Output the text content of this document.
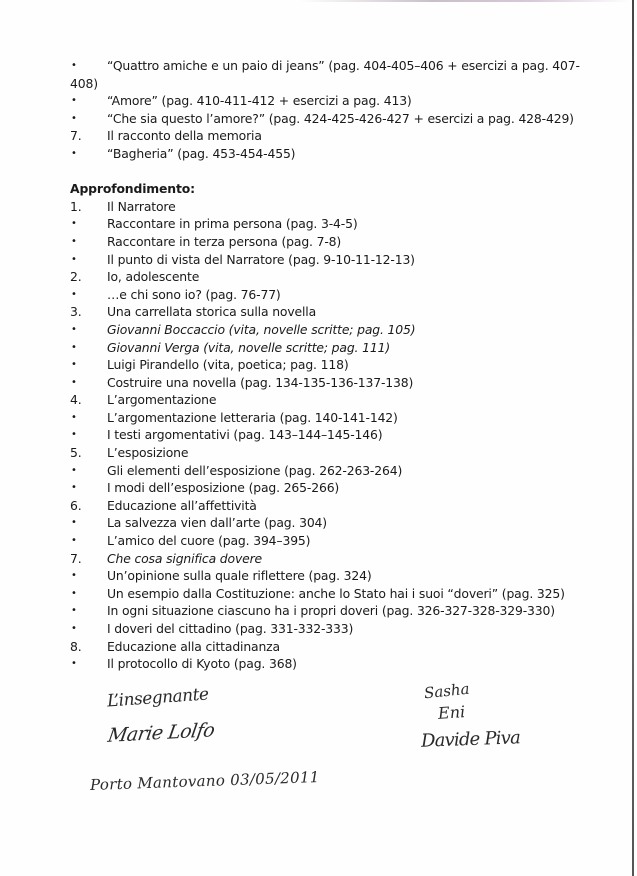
•	“Quattro amiche e un paio di jeans” (pag. 404-405–406 + esercizi a pag. 407-
408)
•	“Amore” (pag. 410-411-412 + esercizi a pag. 413)
•	“Che sia questo l’amore?” (pag. 424-425-426-427 + esercizi a pag. 428-429)
7.	Il racconto della memoria
•	“Bagheria” (pag. 453-454-455)
Approfondimento:
1.	Il Narratore
•	Raccontare in prima persona (pag. 3-4-5)
•	Raccontare in terza persona (pag. 7-8)
•	Il punto di vista del Narratore (pag. 9-10-11-12-13)
2.	Io, adolescente
•	…e chi sono io? (pag. 76-77)
3.	Una carrellata storica sulla novella
•	Giovanni Boccaccio (vita, novelle scritte; pag. 105)
•	Giovanni Verga (vita, novelle scritte; pag. 111)
•	Luigi Pirandello (vita, poetica; pag. 118)
•	Costruire una novella (pag. 134-135-136-137-138)
4.	L’argomentazione
•	L’argomentazione letteraria (pag. 140-141-142)
•	I testi argomentativi (pag. 143–144–145-146)
5.	L’esposizione
•	Gli elementi dell’esposizione (pag. 262-263-264)
•	I modi dell’esposizione (pag. 265-266)
6.	Educazione all’affettività
•	La salvezza vien dall’arte (pag. 304)
•	L’amico del cuore (pag. 394–395)
7.	Che cosa significa dovere
•	Un’opinione sulla quale riflettere (pag. 324)
•	Un esempio dalla Costituzione: anche lo Stato hai i suoi “doveri” (pag. 325)
•	In ogni situazione ciascuno ha i propri doveri (pag. 326-327-328-329-330)
•	I doveri del cittadino (pag. 331-332-333)
8.	Educazione alla cittadinanza
•	Il protocollo di Kyoto (pag. 368)
L’insegnante
Marie Lolfo
Sasha
Eni
Davide Piva
Porto Mantovano 03/05/2011
